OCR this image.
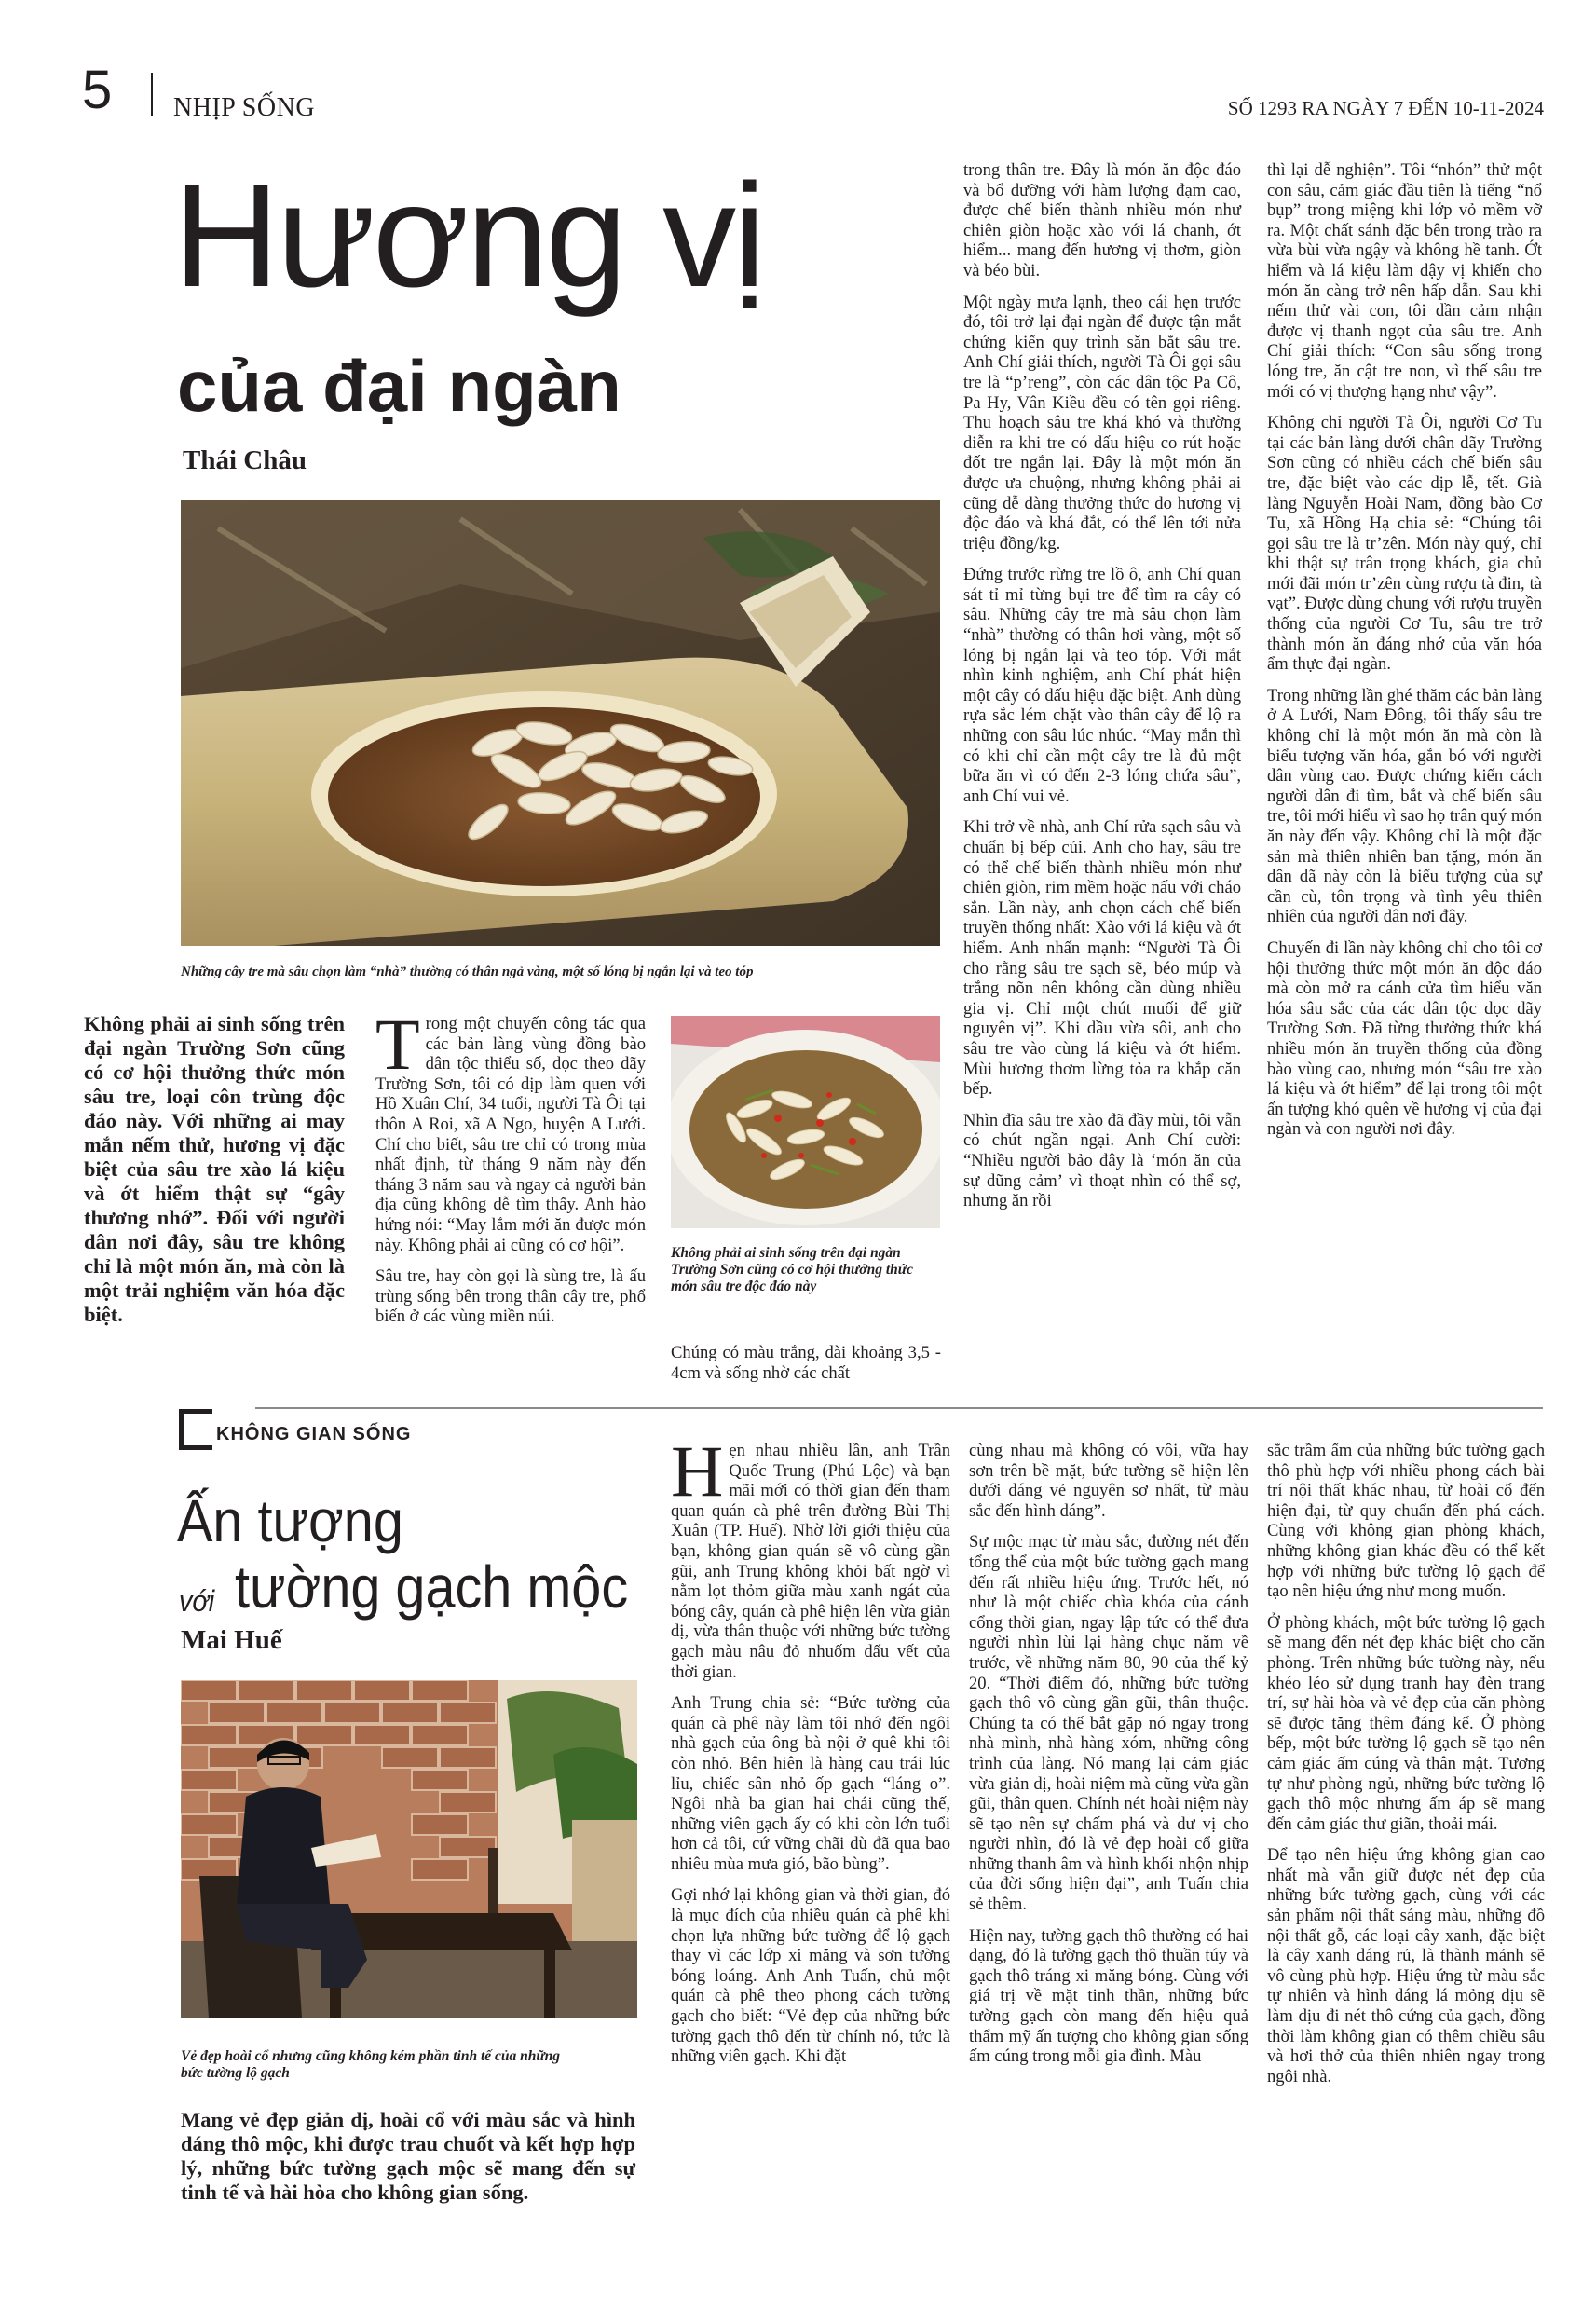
5 NHỊP SỐNG	SỐ 1293 RA NGÀY 7 ĐẾN 10-11-2024
Hương vị
của đại ngàn
Thái Châu
Những cây tre mà sâu chọn làm “nhà” thường có thân ngả vàng, một số lóng bị ngắn lại và teo tóp
Không phải ai sinh sống trên đại ngàn Trường Sơn cũng có cơ hội thưởng thức món sâu tre, loại côn trùng độc đáo này. Với những ai may mắn nếm thử, hương vị đặc biệt của sâu tre xào lá kiệu và ớt hiểm thật sự “gây thương nhớ”. Đối với người dân nơi đây, sâu tre không chỉ là một món ăn, mà còn là một trải nghiệm văn hóa đặc biệt.

Trong một chuyến công tác qua các bản làng vùng đồng bào dân tộc thiểu số, dọc theo dãy Trường Sơn, tôi có dịp làm quen với Hồ Xuân Chí, 34 tuổi, người Tà Ôi tại thôn A Roi, xã A Ngo, huyện A Lưới. Chí cho biết, sâu tre chỉ có trong mùa nhất định, từ tháng 9 năm này đến tháng 3 năm sau và ngay cả người bản địa cũng không dễ tìm thấy. Anh hào hứng nói: “May lắm mới ăn được món này. Không phải ai cũng có cơ hội”.

Sâu tre, hay còn gọi là sùng tre, là ấu trùng sống bên trong thân cây tre, phổ biến ở các vùng miền núi.

Không phải ai sinh sống trên đại ngàn Trường Sơn cũng có cơ hội thưởng thức món sâu tre độc đáo này
Chúng có màu trắng, dài khoảng 3,5 - 4cm và sống nhờ các chất

trong thân tre. Đây là món ăn độc đáo và bổ dưỡng với hàm lượng đạm cao, được chế biến thành nhiều món như chiên giòn hoặc xào với lá chanh, ớt hiểm... mang đến hương vị thơm, giòn và béo bùi.

Một ngày mưa lạnh, theo cái hẹn trước đó, tôi trở lại đại ngàn để được tận mắt chứng kiến quy trình săn bắt sâu tre. Anh Chí giải thích, người Tà Ôi gọi sâu tre là “p’reng”, còn các dân tộc Pa Cô, Pa Hy, Vân Kiều đều có tên gọi riêng. Thu hoạch sâu tre khá khó và thường diễn ra khi tre có dấu hiệu co rút hoặc đốt tre ngắn lại. Đây là một món ăn được ưa chuộng, nhưng không phải ai cũng dễ dàng thưởng thức do hương vị độc đáo và khá đắt, có thể lên tới nửa triệu đồng/kg.

Đứng trước rừng tre lồ ô, anh Chí quan sát tỉ mỉ từng bụi tre để tìm ra cây có sâu. Những cây tre mà sâu chọn làm “nhà” thường có thân hơi vàng, một số lóng bị ngắn lại và teo tóp. Với mắt nhìn kinh nghiệm, anh Chí phát hiện một cây có dấu hiệu đặc biệt. Anh dùng rựa sắc lém chặt vào thân cây để lộ ra những con sâu lúc nhúc. “May mắn thì có khi chỉ cần một cây tre là đủ một bữa ăn vì có đến 2-3 lóng chứa sâu”, anh Chí vui vẻ.

Khi trở về nhà, anh Chí rửa sạch sâu và chuẩn bị bếp củi. Anh cho hay, sâu tre có thể chế biến thành nhiều món như chiên giòn, rim mềm hoặc nấu với cháo sắn. Lần này, anh chọn cách chế biến truyền thống nhất: Xào với lá kiệu và ớt hiểm. Anh nhấn mạnh: “Người Tà Ôi cho rằng sâu tre sạch sẽ, béo múp và trắng nõn nên không cần dùng nhiều gia vị. Chỉ một chút muối để giữ nguyên vị”. Khi dầu vừa sôi, anh cho sâu tre vào cùng lá kiệu và ớt hiểm. Mùi hương thơm lừng tỏa ra khắp căn bếp.

Nhìn đĩa sâu tre xào đã đầy mùi, tôi vẫn có chút ngần ngại. Anh Chí cười: “Nhiều người bảo đây là ‘món ăn của sự dũng cảm’ vì thoạt nhìn có thể sợ, nhưng ăn rồi

thì lại dễ nghiện”. Tôi “nhón” thử một con sâu, cảm giác đầu tiên là tiếng “nổ bụp” trong miệng khi lớp vỏ mềm vỡ ra. Một chất sánh đặc bên trong trào ra vừa bùi vừa ngậy và không hề tanh. Ớt hiểm và lá kiệu làm dậy vị khiến cho món ăn càng trở nên hấp dẫn. Sau khi nếm thử vài con, tôi dần cảm nhận được vị thanh ngọt của sâu tre. Anh Chí giải thích: “Con sâu sống trong lóng tre, ăn cật tre non, vì thế sâu tre mới có vị thượng hạng như vậy”.

Không chỉ người Tà Ôi, người Cơ Tu tại các bản làng dưới chân dãy Trường Sơn cũng có nhiều cách chế biến sâu tre, đặc biệt vào các dịp lễ, tết. Già làng Nguyễn Hoài Nam, đồng bào Cơ Tu, xã Hồng Hạ chia sẻ: “Chúng tôi gọi sâu tre là tr’zên. Món này quý, chỉ khi thật sự trân trọng khách, gia chủ mới đãi món tr’zên cùng rượu tà đin, tà vạt”. Được dùng chung với rượu truyền thống của người Cơ Tu, sâu tre trở thành món ăn đáng nhớ của văn hóa ẩm thực đại ngàn.

Trong những lần ghé thăm các bản làng ở A Lưới, Nam Đông, tôi thấy sâu tre không chỉ là một món ăn mà còn là biểu tượng văn hóa, gắn bó với người dân vùng cao. Được chứng kiến cách người dân đi tìm, bắt và chế biến sâu tre, tôi mới hiểu vì sao họ trân quý món ăn này đến vậy. Không chỉ là một đặc sản mà thiên nhiên ban tặng, món ăn dân dã này còn là biểu tượng của sự cần cù, tôn trọng và tình yêu thiên nhiên của người dân nơi đây.

Chuyến đi lần này không chỉ cho tôi cơ hội thưởng thức một món ăn độc đáo mà còn mở ra cánh cửa tìm hiểu văn hóa sâu sắc của các dân tộc dọc dãy Trường Sơn. Đã từng thưởng thức khá nhiều món ăn truyền thống của đồng bào vùng cao, nhưng món “sâu tre xào lá kiệu và ớt hiểm” để lại trong tôi một ấn tượng khó quên về hương vị của đại ngàn và con người nơi đây.

KHÔNG GIAN SỐNG
Ấn tượng
với tường gạch mộc
Mai Huế
Vẻ đẹp hoài cổ nhưng cũng không kém phần tinh tế của những bức tường lộ gạch
Mang vẻ đẹp giản dị, hoài cổ với màu sắc và hình dáng thô mộc, khi được trau chuốt và kết hợp hợp lý, những bức tường gạch mộc sẽ mang đến sự tinh tế và hài hòa cho không gian sống.

Hẹn nhau nhiều lần, anh Trần Quốc Trung (Phú Lộc) và bạn mãi mới có thời gian đến tham quan quán cà phê trên đường Bùi Thị Xuân (TP. Huế). Nhờ lời giới thiệu của bạn, không gian quán sẽ vô cùng gần gũi, anh Trung không khỏi bất ngờ vì nằm lọt thỏm giữa màu xanh ngát của bóng cây, quán cà phê hiện lên vừa giản dị, vừa thân thuộc với những bức tường gạch màu nâu đỏ nhuốm dấu vết của thời gian.

Anh Trung chia sẻ: “Bức tường của quán cà phê này làm tôi nhớ đến ngôi nhà gạch của ông bà nội ở quê khi tôi còn nhỏ. Bên hiên là hàng cau trái lúc lỉu, chiếc sân nhỏ ốp gạch “láng o”. Ngôi nhà ba gian hai chái cũng thế, những viên gạch ấy có khi còn lớn tuổi hơn cả tôi, cứ vững chãi dù đã qua bao nhiêu mùa mưa gió, bão bùng”.

Gợi nhớ lại không gian và thời gian, đó là mục đích của nhiều quán cà phê khi chọn lựa những bức tường để lộ gạch thay vì các lớp xi măng và sơn tường bóng loáng. Anh Anh Tuấn, chủ một quán cà phê theo phong cách tường gạch cho biết: “Vẻ đẹp của những bức tường gạch thô đến từ chính nó, tức là những viên gạch. Khi đặt

cùng nhau mà không có vôi, vữa hay sơn trên bề mặt, bức tường sẽ hiện lên dưới dáng vẻ nguyên sơ nhất, từ màu sắc đến hình dáng”.

Sự mộc mạc từ màu sắc, đường nét đến tổng thể của một bức tường gạch mang đến rất nhiều hiệu ứng. Trước hết, nó như là một chiếc chìa khóa của cánh cổng thời gian, ngay lập tức có thể đưa người nhìn lùi lại hàng chục năm về trước, về những năm 80, 90 của thế kỷ 20. “Thời điểm đó, những bức tường gạch thô vô cùng gần gũi, thân thuộc. Chúng ta có thể bắt gặp nó ngay trong nhà mình, nhà hàng xóm, những công trình của làng. Nó mang lại cảm giác vừa giản dị, hoài niệm mà cũng vừa gần gũi, thân quen. Chính nét hoài niệm này sẽ tạo nên sự chấm phá và dư vị cho người nhìn, đó là vẻ đẹp hoài cổ giữa những thanh âm và hình khối nhộn nhịp của đời sống hiện đại”, anh Tuấn chia sẻ thêm.

Hiện nay, tường gạch thô thường có hai dạng, đó là tường gạch thô thuần túy và gạch thô tráng xi măng bóng. Cùng với giá trị về mặt tinh thần, những bức tường gạch còn mang đến hiệu quả thẩm mỹ ấn tượng cho không gian sống ấm cúng trong mỗi gia đình. Màu

sắc trầm ấm của những bức tường gạch thô phù hợp với nhiều phong cách bài trí nội thất khác nhau, từ hoài cổ đến hiện đại, từ quy chuẩn đến phá cách. Cùng với không gian phòng khách, những không gian khác đều có thể kết hợp với những bức tường lộ gạch để tạo nên hiệu ứng như mong muốn.

Ở phòng khách, một bức tường lộ gạch sẽ mang đến nét đẹp khác biệt cho căn phòng. Trên những bức tường này, nếu khéo léo sử dụng tranh hay đèn trang trí, sự hài hòa và vẻ đẹp của căn phòng sẽ được tăng thêm đáng kể. Ở phòng bếp, một bức tường lộ gạch sẽ tạo nên cảm giác ấm cúng và thân mật. Tương tự như phòng ngủ, những bức tường lộ gạch thô mộc nhưng ấm áp sẽ mang đến cảm giác thư giãn, thoải mái.

Để tạo nên hiệu ứng không gian cao nhất mà vẫn giữ được nét đẹp của những bức tường gạch, cùng với các sản phẩm nội thất sáng màu, những đồ nội thất gỗ, các loại cây xanh, đặc biệt là cây xanh dáng rủ, là thành mảnh sẽ vô cùng phù hợp. Hiệu ứng từ màu sắc tự nhiên và hình dáng lá mỏng dịu sẽ làm dịu đi nét thô cứng của gạch, đồng thời làm không gian có thêm chiều sâu và hơi thở của thiên nhiên ngay trong ngôi nhà.
